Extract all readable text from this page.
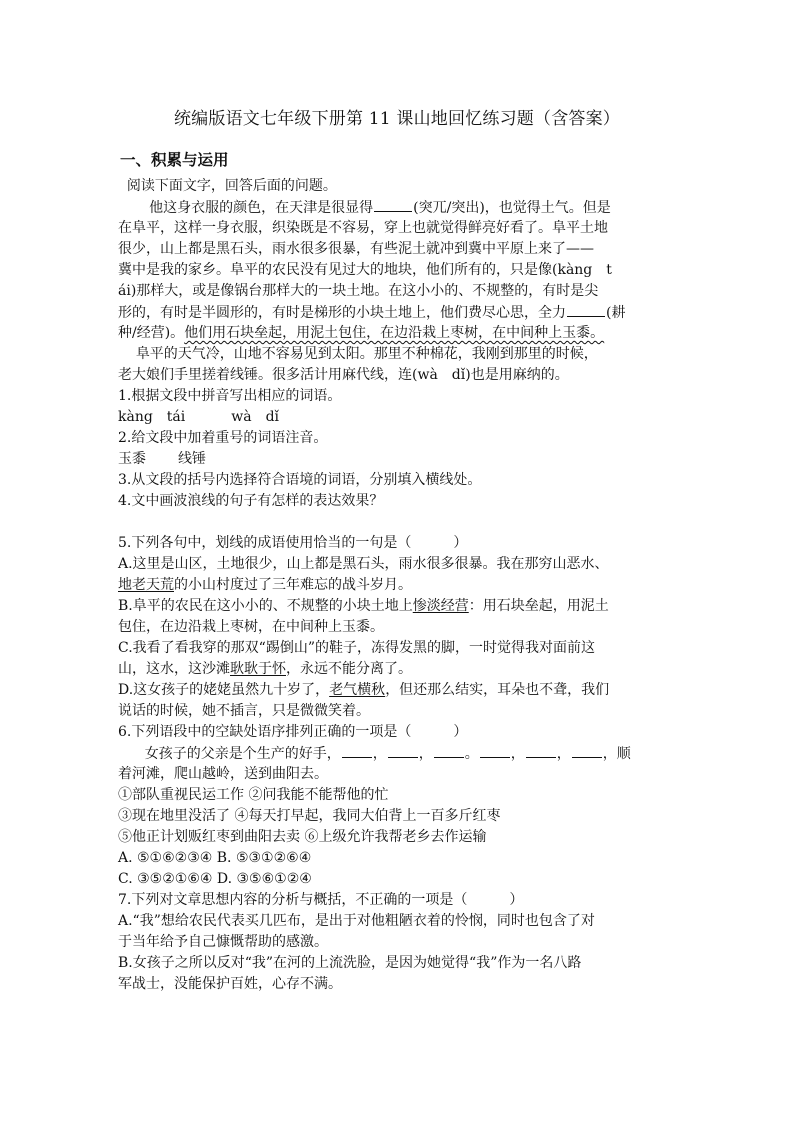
统编版语文七年级下册第 11 课山地回忆练习题（含答案）
一、积累与运用
阅读下面文字，回答后面的问题。
他这身衣服的颜色，在天津是很显得	(突兀/突出)，也觉得土气。但是
在阜平，这样一身衣服，织染既是不容易，穿上也就觉得鲜亮好看了。阜平土地
很少，山上都是黑石头，雨水很多很暴，有些泥土就冲到冀中平原上来了——
冀中是我的家乡。阜平的农民没有见过大的地块，他们所有的，只是像(kàng　t
ái)那样大，或是像锅台那样大的一块土地。在这小小的、不规整的，有时是尖
形的，有时是半圆形的，有时是梯形的小块土地上，他们费尽心思，全力	(耕
种/经营)。他们用石块垒起，用泥土包住，在边沿栽上枣树，在中间种上玉黍。
阜平的天气冷，山地不容易见到太阳。那里不种棉花，我刚到那里的时候，
老大娘们手里搓着线锤。很多活计用麻代线，连(wà　dǐ)也是用麻纳的。
1.根据文段中拼音写出相应的词语。
kàng　tái	wà　dǐ
2.给文段中加着重号的词语注音。
玉黍 线锤
3.从文段的括号内选择符合语境的词语，分别填入横线处。
4.文中画波浪线的句子有怎样的表达效果？
5.下列各句中，划线的成语使用恰当的一句是（　　　）
A.这里是山区，土地很少，山上都是黑石头，雨水很多很暴。我在那穷山恶水、
地老天荒的小山村度过了三年难忘的战斗岁月。
B.阜平的农民在这小小的、不规整的小块土地上惨淡经营：用石块垒起，用泥土
包住，在边沿栽上枣树，在中间种上玉黍。
C.我看了看我穿的那双“踢倒山”的鞋子，冻得发黑的脚，一时觉得我对面前这
山，这水，这沙滩耿耿于怀，永远不能分离了。
D.这女孩子的姥姥虽然九十岁了，老气横秋，但还那么结实，耳朵也不聋，我们
说话的时候，她不插言，只是微微笑着。
6.下列语段中的空缺处语序排列正确的一项是（　　　）
女孩子的父亲是个生产的好手， ， ， 。 ， ， ，顺
着河滩，爬山越岭，送到曲阳去。
①部队重视民运工作 ②问我能不能帮他的忙
③现在地里没活了 ④每天打早起，我同大伯背上一百多斤红枣
⑤他正计划贩红枣到曲阳去卖 ⑥上级允许我帮老乡去作运输
A. ⑤①⑥②③④ B. ⑤③①②⑥④
C. ③⑤②①⑥④ D. ③⑤⑥①②④
7.下列对文章思想内容的分析与概括，不正确的一项是（　　　）
A.“我”想给农民代表买几匹布，是出于对他粗陋衣着的怜悯，同时也包含了对
于当年给予自己慷慨帮助的感激。
B.女孩子之所以反对“我”在河的上流洗脸，是因为她觉得“我”作为一名八路
军战士，没能保护百姓，心存不满。
